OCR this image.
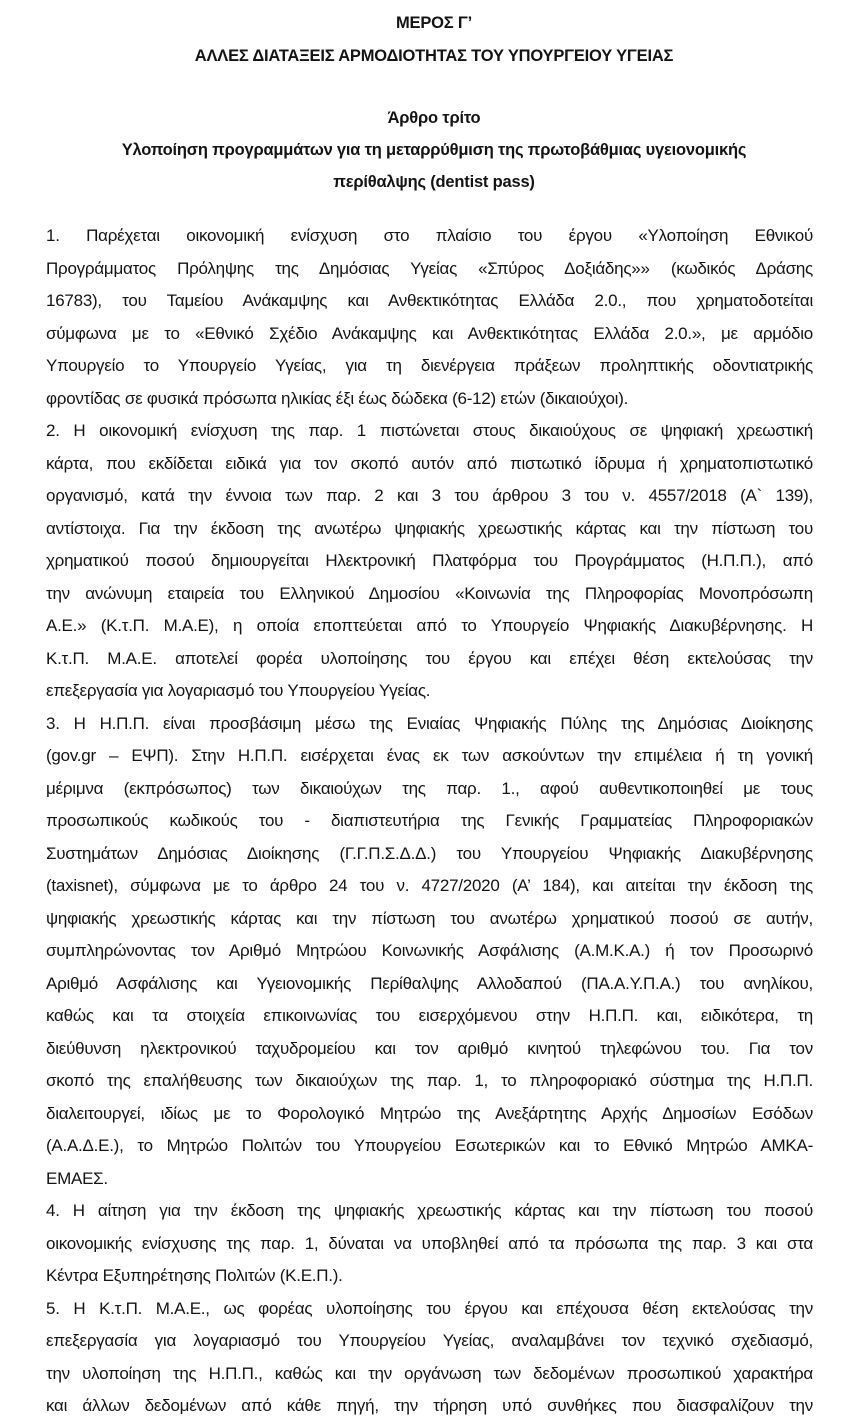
ΜΕΡΟΣ Γ’
ΑΛΛΕΣ ΔΙΑΤΑΞΕΙΣ ΑΡΜΟΔΙΟΤΗΤΑΣ ΤΟΥ ΥΠΟΥΡΓΕΙΟΥ ΥΓΕΙΑΣ
Άρθρο τρίτο
Υλοποίηση προγραμμάτων για τη μεταρρύθμιση της πρωτοβάθμιας υγειονομικής
περίθαλψης (dentist pass)
1. Παρέχεται οικονομική ενίσχυση στο πλαίσιο του έργου «Υλοποίηση Εθνικού
Προγράμματος Πρόληψης της Δημόσιας Υγείας «Σπύρος Δοξιάδης»» (κωδικός Δράσης
16783), του Ταμείου Ανάκαμψης και Ανθεκτικότητας Ελλάδα 2.0., που χρηματοδοτείται
σύμφωνα με το «Εθνικό Σχέδιο Ανάκαμψης και Ανθεκτικότητας Ελλάδα 2.0.», με αρμόδιο
Υπουργείο το Υπουργείο Υγείας, για τη διενέργεια πράξεων προληπτικής οδοντιατρικής
φροντίδας σε φυσικά πρόσωπα ηλικίας έξι έως δώδεκα (6-12) ετών (δικαιούχοι).
2. Η οικονομική ενίσχυση της παρ. 1 πιστώνεται στους δικαιούχους σε ψηφιακή χρεωστική
κάρτα, που εκδίδεται ειδικά για τον σκοπό αυτόν από πιστωτικό ίδρυμα ή χρηματοπιστωτικό
οργανισμό, κατά την έννοια των παρ. 2 και 3 του άρθρου 3 του ν. 4557/2018 (Α` 139),
αντίστοιχα. Για την έκδοση της ανωτέρω ψηφιακής χρεωστικής κάρτας και την πίστωση του
χρηματικού ποσού δημιουργείται Ηλεκτρονική Πλατφόρμα του Προγράμματος (Η.Π.Π.), από
την ανώνυμη εταιρεία του Ελληνικού Δημοσίου «Κοινωνία της Πληροφορίας Μονοπρόσωπη
Α.Ε.» (Κ.τ.Π. Μ.Α.Ε), η οποία εποπτεύεται από το Υπουργείο Ψηφιακής Διακυβέρνησης. Η
Κ.τ.Π. Μ.Α.Ε. αποτελεί φορέα υλοποίησης του έργου και επέχει θέση εκτελούσας την
επεξεργασία για λογαριασμό του Υπουργείου Υγείας.
3. Η Η.Π.Π. είναι προσβάσιμη μέσω της Ενιαίας Ψηφιακής Πύλης της Δημόσιας Διοίκησης
(gov.gr – ΕΨΠ). Στην Η.Π.Π. εισέρχεται ένας εκ των ασκούντων την επιμέλεια ή τη γονική
μέριμνα (εκπρόσωπος) των δικαιούχων της παρ. 1., αφού αυθεντικοποιηθεί με τους
προσωπικούς κωδικούς του - διαπιστευτήρια της Γενικής Γραμματείας Πληροφοριακών
Συστημάτων Δημόσιας Διοίκησης (Γ.Γ.Π.Σ.Δ.Δ.) του Υπουργείου Ψηφιακής Διακυβέρνησης
(taxisnet), σύμφωνα με το άρθρο 24 του ν. 4727/2020 (Α’ 184), και αιτείται την έκδοση της
ψηφιακής χρεωστικής κάρτας και την πίστωση του ανωτέρω χρηματικού ποσού σε αυτήν,
συμπληρώνοντας τον Αριθμό Μητρώου Κοινωνικής Ασφάλισης (Α.Μ.Κ.Α.) ή τον Προσωρινό
Αριθμό Ασφάλισης και Υγειονομικής Περίθαλψης Αλλοδαπού (ΠΑ.Α.Υ.Π.Α.) του ανηλίκου,
καθώς και τα στοιχεία επικοινωνίας του εισερχόμενου στην Η.Π.Π. και, ειδικότερα, τη
διεύθυνση ηλεκτρονικού ταχυδρομείου και τον αριθμό κινητού τηλεφώνου του. Για τον
σκοπό της επαλήθευσης των δικαιούχων της παρ. 1, το πληροφοριακό σύστημα της Η.Π.Π.
διαλειτουργεί, ιδίως με το Φορολογικό Μητρώο της Ανεξάρτητης Αρχής Δημοσίων Εσόδων
(Α.Α.Δ.Ε.), το Μητρώο Πολιτών του Υπουργείου Εσωτερικών και το Εθνικό Μητρώο ΑΜΚΑ-
ΕΜΑΕΣ.
4. Η αίτηση για την έκδοση της ψηφιακής χρεωστικής κάρτας και την πίστωση του ποσού
οικονομικής ενίσχυσης της παρ. 1, δύναται να υποβληθεί από τα πρόσωπα της παρ. 3 και στα
Κέντρα Εξυπηρέτησης Πολιτών (Κ.Ε.Π.).
5. Η Κ.τ.Π. Μ.Α.Ε., ως φορέας υλοποίησης του έργου και επέχουσα θέση εκτελούσας την
επεξεργασία για λογαριασμό του Υπουργείου Υγείας, αναλαμβάνει τον τεχνικό σχεδιασμό,
την υλοποίηση της Η.Π.Π., καθώς και την οργάνωση των δεδομένων προσωπικού χαρακτήρα
και άλλων δεδομένων από κάθε πηγή, την τήρηση υπό συνθήκες που διασφαλίζουν την
